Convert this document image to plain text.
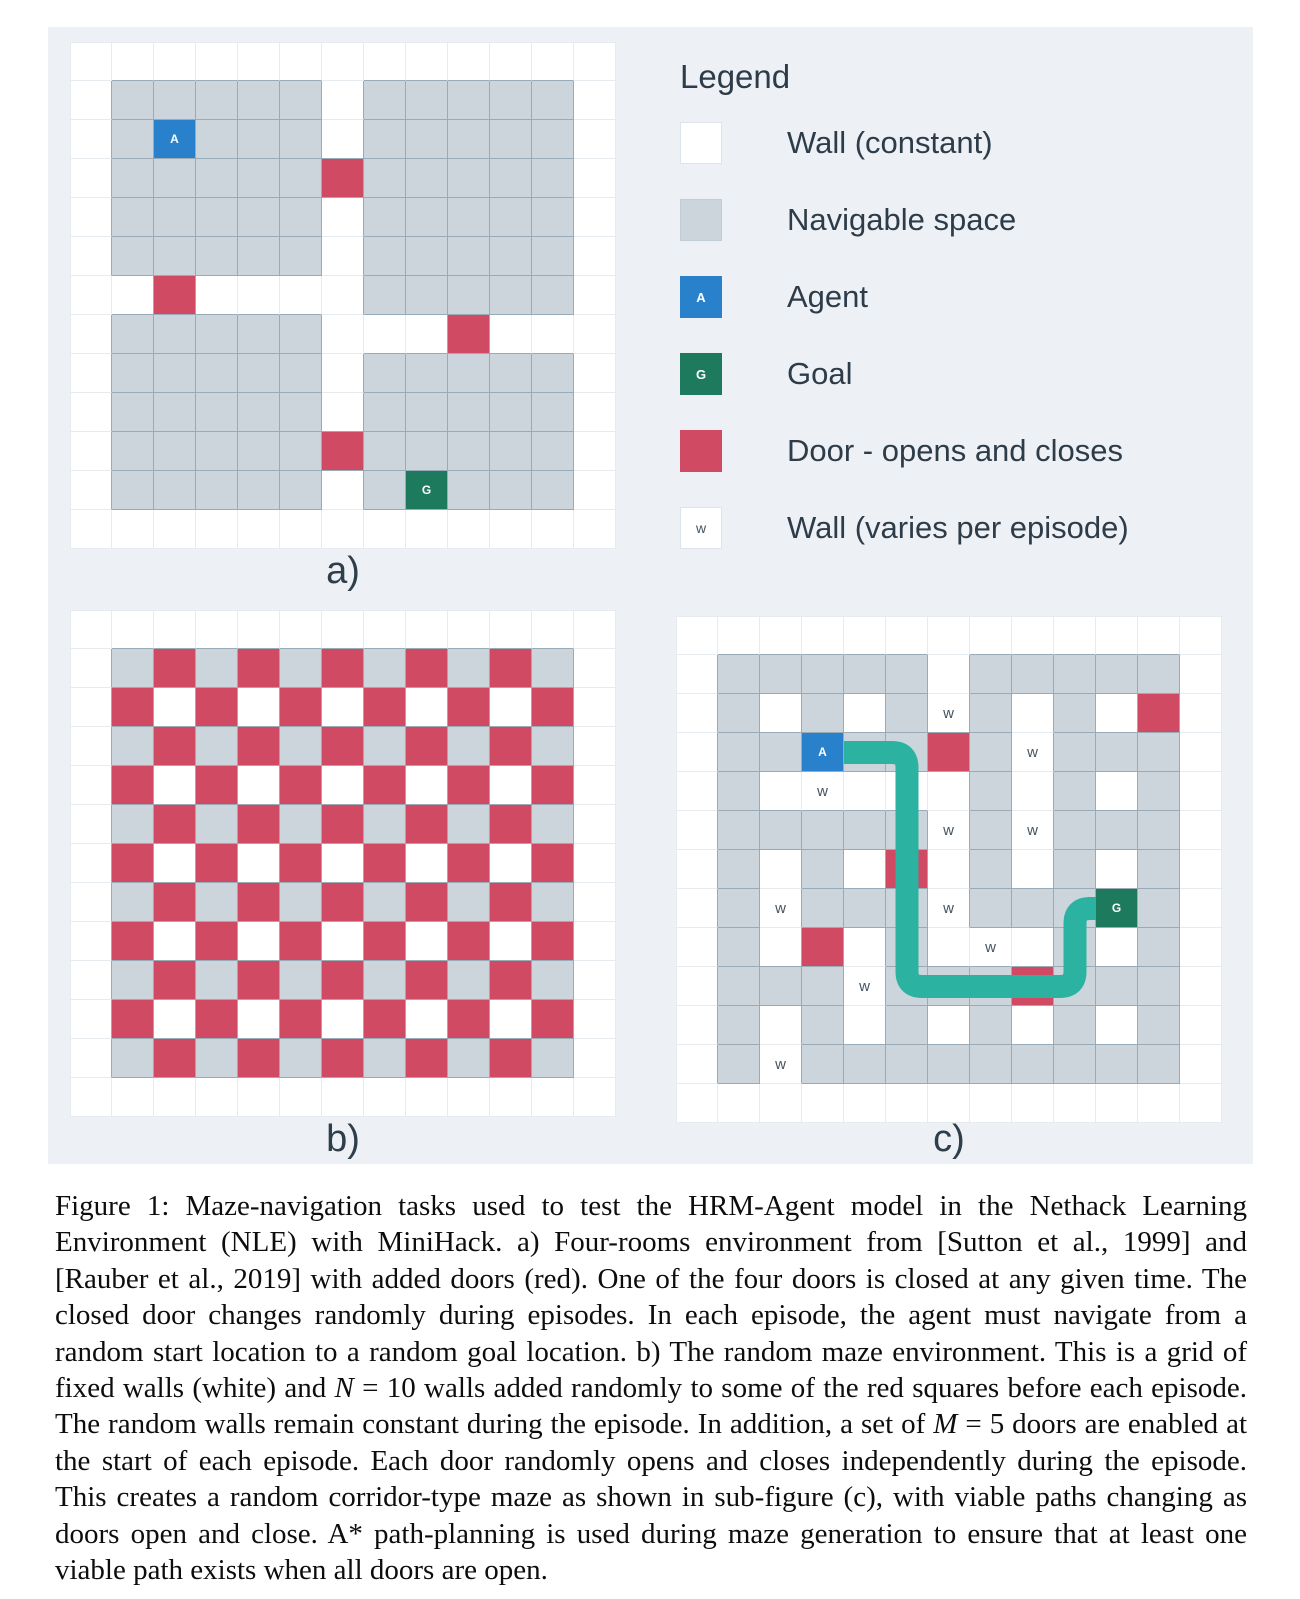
A
G
w
A	w
w
w	w
w	w	G
w
w
w
a)
b)	c)
Legend
Wall (constant)
Navigable space
A	Agent
G	Goal
Door - opens and closes
w	Wall (varies per episode)
Figure 1: Maze-navigation tasks used to test the HRM-Agent model in the Nethack Learning Environment (NLE) with MiniHack. a) Four-rooms environment from [Sutton et al., 1999] and [Rauber et al., 2019] with added doors (red). One of the four doors is closed at any given time. The closed door changes randomly during episodes. In each episode, the agent must navigate from a random start location to a random goal location. b) The random maze environment. This is a grid of fixed walls (white) and N = 10 walls added randomly to some of the red squares before each episode. The random walls remain constant during the episode. In addition, a set of M = 5 doors are enabled at the start of each episode. Each door randomly opens and closes independently during the episode. This creates a random corridor-type maze as shown in sub-figure (c), with viable paths changing as doors open and close. A* path-planning is used during maze generation to ensure that at least one viable path exists when all doors are open.
